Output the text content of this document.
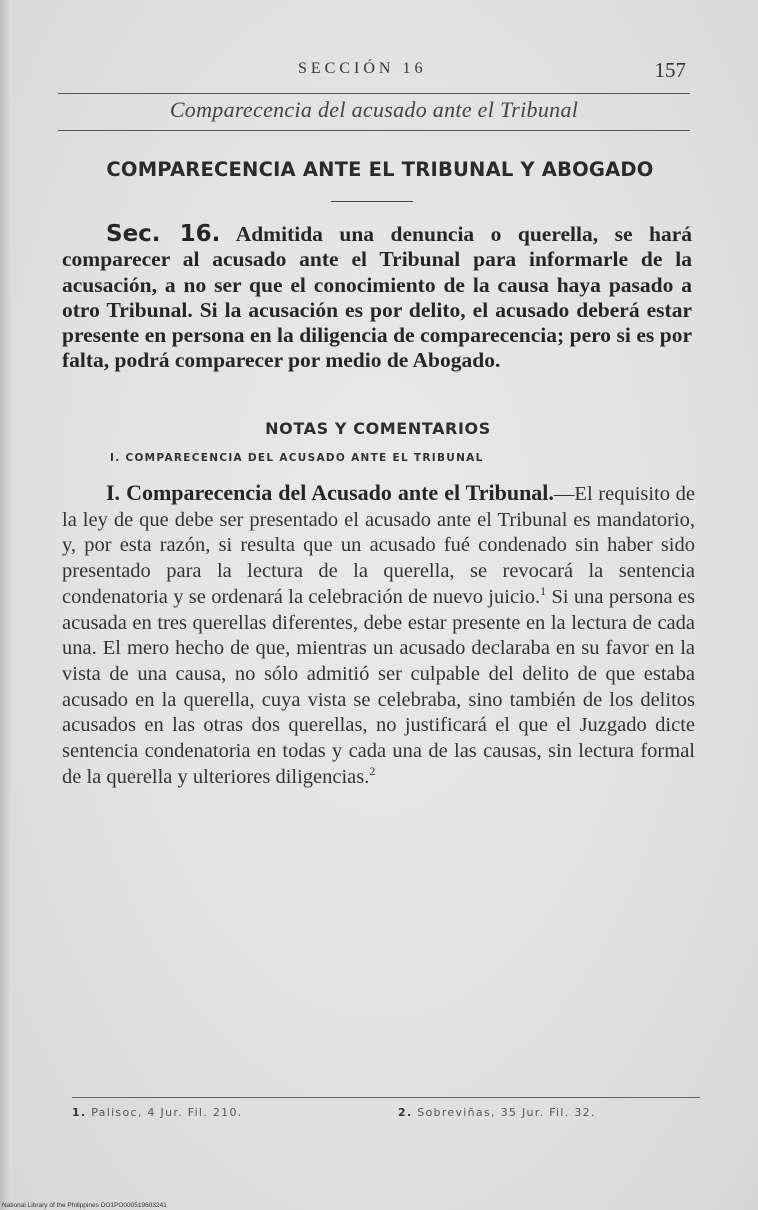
SECCIÓN 16	157
Comparecencia del acusado ante el Tribunal
COMPARECENCIA ANTE EL TRIBUNAL Y ABOGADO

Sec. 16. Admitida una denuncia o querella, se hará comparecer al acusado ante el Tribunal para informarle de la acusación, a no ser que el conocimiento de la causa haya pasado a otro Tribunal. Si la acusación es por delito, el acusado deberá estar presente en persona en la diligencia de comparecencia; pero si es por falta, podrá comparecer por medio de Abogado.

NOTAS Y COMENTARIOS
I. COMPARECENCIA DEL ACUSADO ANTE EL TRIBUNAL

I. Comparecencia del Acusado ante el Tribunal.—El requisito de la ley de que debe ser presentado el acusado ante el Tribunal es mandatorio, y, por esta razón, si resulta que un acusado fué condenado sin haber sido presentado para la lectura de la querella, se revocará la sentencia condenatoria y se ordenará la celebración de nuevo juicio.$^1$ Si una persona es acusada en tres querellas diferentes, debe estar presente en la lectura de cada una. El mero hecho de que, mientras un acusado declaraba en su favor en la vista de una causa, no sólo admitió ser culpable del delito de que estaba acusado en la querella, cuya vista se celebraba, sino también de los delitos acusados en las otras dos querellas, no justificará el que el Juzgado dicte sentencia condenatoria en todas y cada una de las causas, sin lectura formal de la querella y ulteriores diligencias.$^2$

1. Palisoc, 4 Jur. Fil. 210.	2. Sobreviñas, 35 Jur. Fil. 32.
National Library of the Philippines DO1PO000519603241
